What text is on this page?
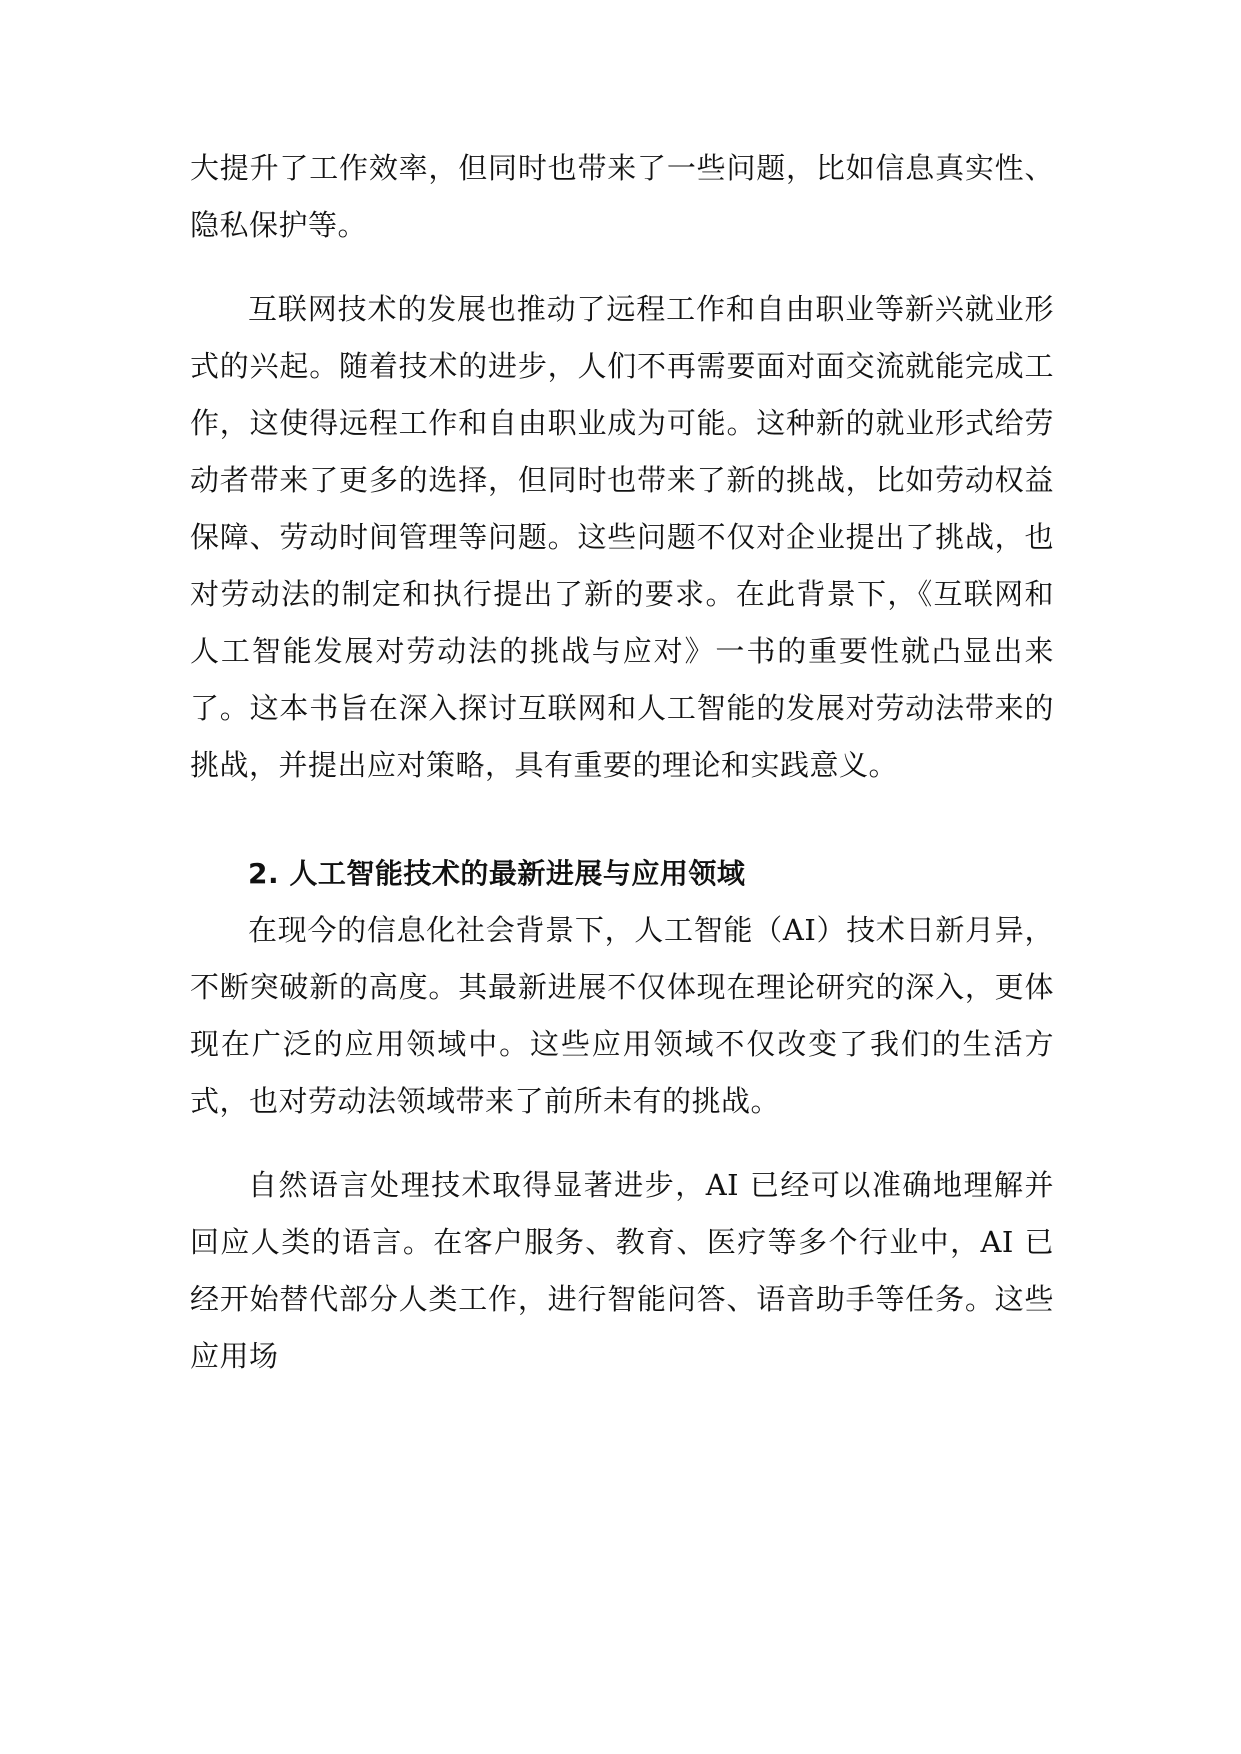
大提升了工作效率，但同时也带来了一些问题，比如信息真实性、隐私保护等。

互联网技术的发展也推动了远程工作和自由职业等新兴就业形式的兴起。随着技术的进步，人们不再需要面对面交流就能完成工作，这使得远程工作和自由职业成为可能。这种新的就业形式给劳动者带来了更多的选择，但同时也带来了新的挑战，比如劳动权益保障、劳动时间管理等问题。这些问题不仅对企业提出了挑战，也对劳动法的制定和执行提出了新的要求。在此背景下，《互联网和人工智能发展对劳动法的挑战与应对》一书的重要性就凸显出来了。这本书旨在深入探讨互联网和人工智能的发展对劳动法带来的挑战，并提出应对策略，具有重要的理论和实践意义。

2. 人工智能技术的最新进展与应用领域

在现今的信息化社会背景下，人工智能（AI）技术日新月异，不断突破新的高度。其最新进展不仅体现在理论研究的深入，更体现在广泛的应用领域中。这些应用领域不仅改变了我们的生活方式，也对劳动法领域带来了前所未有的挑战。

自然语言处理技术取得显著进步，AI 已经可以准确地理解并回应人类的语言。在客户服务、教育、医疗等多个行业中，AI 已经开始替代部分人类工作，进行智能问答、语音助手等任务。这些应用场
